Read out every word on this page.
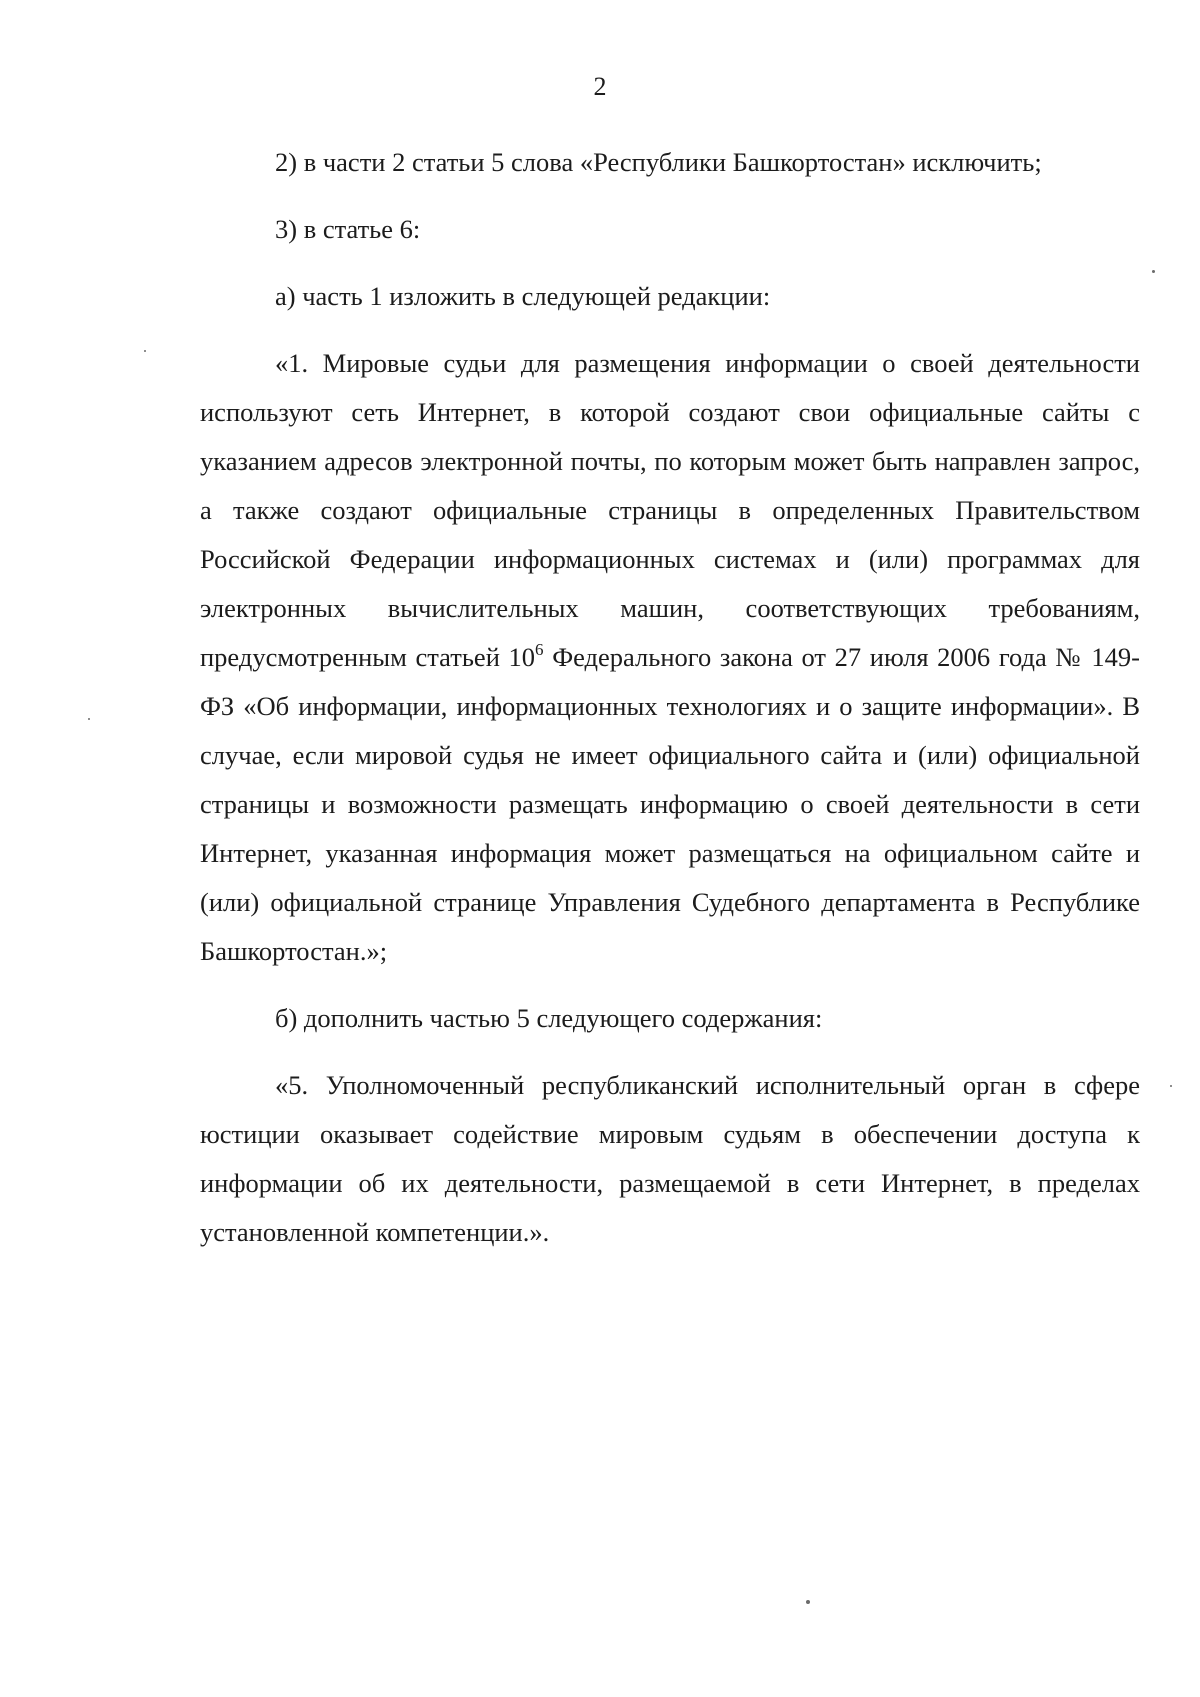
2

2) в части 2 статьи 5 слова «Республики Башкортостан» исключить;

3) в статье 6:

а) часть 1 изложить в следующей редакции:

«1. Мировые судьи для размещения информации о своей деятельности используют сеть Интернет, в которой создают свои официальные сайты с указанием адресов электронной почты, по которым может быть направлен запрос, а также создают официальные страницы в определенных Правительством Российской Федерации информационных системах и (или) программах для электронных вычислительных машин, соответствующих требованиям, предусмотренным статьей $10^6$ Федерального закона от 27 июля 2006 года № 149-ФЗ «Об информации, информационных технологиях и о защите информации». В случае, если мировой судья не имеет официального сайта и (или) официальной страницы и возможности размещать информацию о своей деятельности в сети Интернет, указанная информация может размещаться на официальном сайте и (или) официальной странице Управления Судебного департамента в Республике Башкортостан.»;

б) дополнить частью 5 следующего содержания:

«5. Уполномоченный республиканский исполнительный орган в сфере юстиции оказывает содействие мировым судьям в обеспечении доступа к информации об их деятельности, размещаемой в сети Интернет, в пределах установленной компетенции.».
